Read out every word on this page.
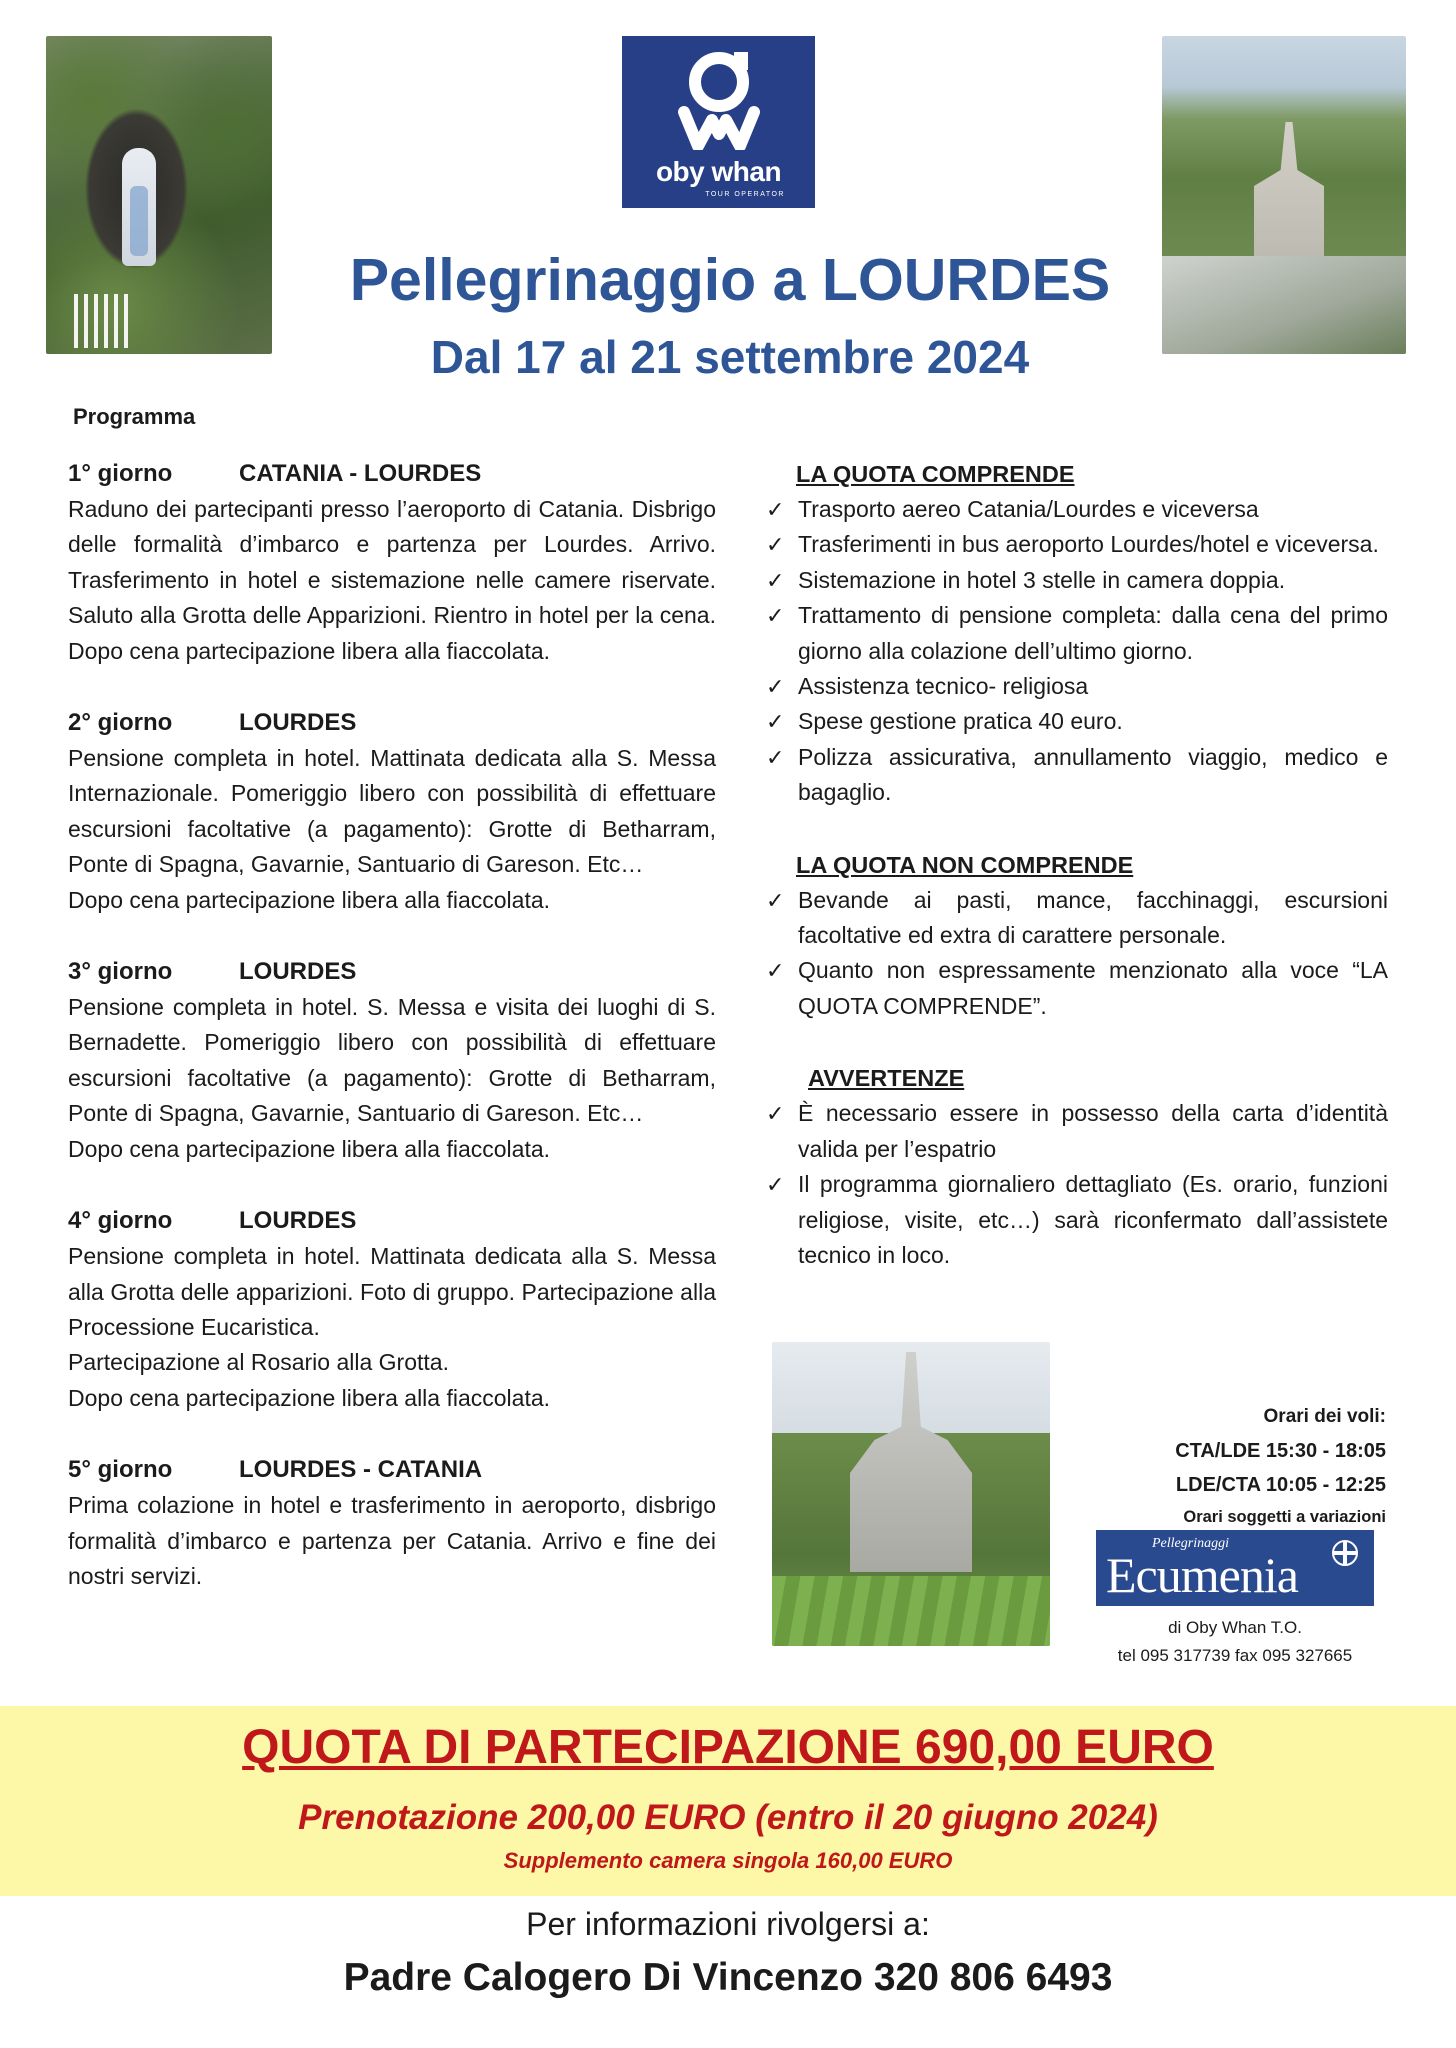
oby whan
TOUR OPERATOR
Pellegrinaggio a LOURDES
Dal 17 al 21 settembre 2024
Programma
1° giorno	CATANIA - LOURDES
Raduno dei partecipanti presso l’aeroporto di Catania. Disbrigo delle formalità d’imbarco e partenza per Lourdes. Arrivo. Trasferimento in hotel e sistemazione nelle camere riservate. Saluto alla Grotta delle Apparizioni. Rientro in hotel per la cena. Dopo cena partecipazione libera alla fiaccolata.
2° giorno	LOURDES
Pensione completa in hotel. Mattinata dedicata alla S. Messa Internazionale. Pomeriggio libero con possibilità di effettuare escursioni facoltative (a pagamento): Grotte di Betharram, Ponte di Spagna, Gavarnie, Santuario di Gareson. Etc…
Dopo cena partecipazione libera alla fiaccolata.
3° giorno	LOURDES
Pensione completa in hotel. S. Messa e visita dei luoghi di S. Bernadette. Pomeriggio libero con possibilità di effettuare escursioni facoltative (a pagamento): Grotte di Betharram, Ponte di Spagna, Gavarnie, Santuario di Gareson. Etc…
Dopo cena partecipazione libera alla fiaccolata.
4° giorno	LOURDES
Pensione completa in hotel. Mattinata dedicata alla S. Messa alla Grotta delle apparizioni. Foto di gruppo. Partecipazione alla Processione Eucaristica.
Partecipazione al Rosario alla Grotta.
Dopo cena partecipazione libera alla fiaccolata.
5° giorno	LOURDES - CATANIA
Prima colazione in hotel e trasferimento in aeroporto, disbrigo formalità d’imbarco e partenza per Catania. Arrivo e fine dei nostri servizi.
LA QUOTA COMPRENDE
✓ Trasporto aereo Catania/Lourdes e viceversa
✓ Trasferimenti in bus aeroporto Lourdes/hotel e viceversa.
✓ Sistemazione in hotel 3 stelle in camera doppia.
✓ Trattamento di pensione completa: dalla cena del primo giorno alla colazione dell’ultimo giorno.
✓ Assistenza tecnico- religiosa
✓ Spese gestione pratica 40 euro.
✓ Polizza assicurativa, annullamento viaggio, medico e bagaglio.
LA QUOTA NON COMPRENDE
✓ Bevande ai pasti, mance, facchinaggi, escursioni facoltative ed extra di carattere personale.
✓ Quanto non espressamente menzionato alla voce “LA QUOTA COMPRENDE”.
AVVERTENZE
✓ È necessario essere in possesso della carta d’identità valida per l’espatrio
✓ Il programma giornaliero dettagliato (Es. orario, funzioni religiose, visite, etc…) sarà riconfermato dall’assistete tecnico in loco.
Orari dei voli:
CTA/LDE 15:30 - 18:05
LDE/CTA 10:05 - 12:25
Orari soggetti a variazioni
Pellegrinaggi
Ecumenia
di Oby Whan T.O.
tel 095 317739 fax 095 327665
QUOTA DI PARTECIPAZIONE 690,00 EURO
Prenotazione 200,00 EURO (entro il 20 giugno 2024)
Supplemento camera singola 160,00 EURO
Per informazioni rivolgersi a:
Padre Calogero Di Vincenzo 320 806 6493
